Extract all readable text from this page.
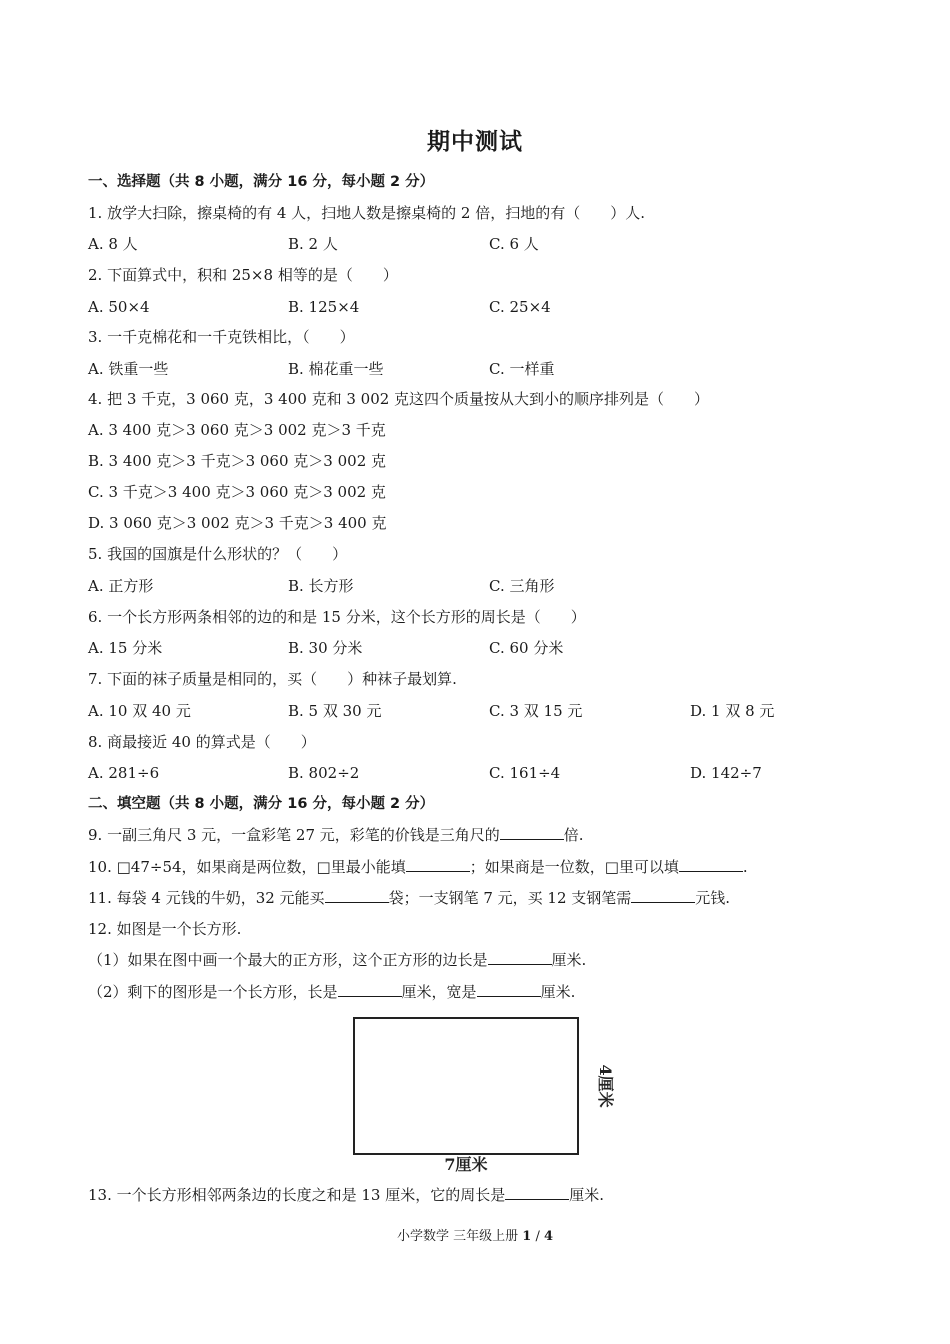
期中测试
一、选择题（共 8 小题，满分 16 分，每小题 2 分）
1. 放学大扫除，擦桌椅的有 4 人，扫地人数是擦桌椅的 2 倍，扫地的有（　　）人.
A. 8 人	B. 2 人	C. 6 人
2. 下面算式中，积和 25×8 相等的是（　　）
A. 50×4	B. 125×4	C. 25×4
3. 一千克棉花和一千克铁相比，（　　）
A. 铁重一些	B. 棉花重一些	C. 一样重
4. 把 3 千克，3 060 克，3 400 克和 3 002 克这四个质量按从大到小的顺序排列是（　　）
A. 3 400 克＞3 060 克＞3 002 克＞3 千克
B. 3 400 克＞3 千克＞3 060 克＞3 002 克
C. 3 千克＞3 400 克＞3 060 克＞3 002 克
D. 3 060 克＞3 002 克＞3 千克＞3 400 克
5. 我国的国旗是什么形状的？（　　）
A. 正方形	B. 长方形	C. 三角形
6. 一个长方形两条相邻的边的和是 15 分米，这个长方形的周长是（　　）
A. 15 分米	B. 30 分米	C. 60 分米
7. 下面的袜子质量是相同的，买（　　）种袜子最划算.
A. 10 双 40 元	B. 5 双 30 元	C. 3 双 15 元	D. 1 双 8 元
8. 商最接近 40 的算式是（　　）
A. 281÷6	B. 802÷2	C. 161÷4	D. 142÷7
二、填空题（共 8 小题，满分 16 分，每小题 2 分）
9. 一副三角尺 3 元，一盒彩笔 27 元，彩笔的价钱是三角尺的	倍.
10. □47÷54，如果商是两位数，□里最小能填	；如果商是一位数，□里可以填	.
11. 每袋 4 元钱的牛奶，32 元能买	袋；一支钢笔 7 元，买 12 支钢笔需	元钱.
12. 如图是一个长方形.
（1）如果在图中画一个最大的正方形，这个正方形的边长是	厘米.
（2）剩下的图形是一个长方形，长是	厘米，宽是	厘米.
7厘米
4厘米
13. 一个长方形相邻两条边的长度之和是 13 厘米，它的周长是	厘米.
小学数学 三年级上册 1 / 4
